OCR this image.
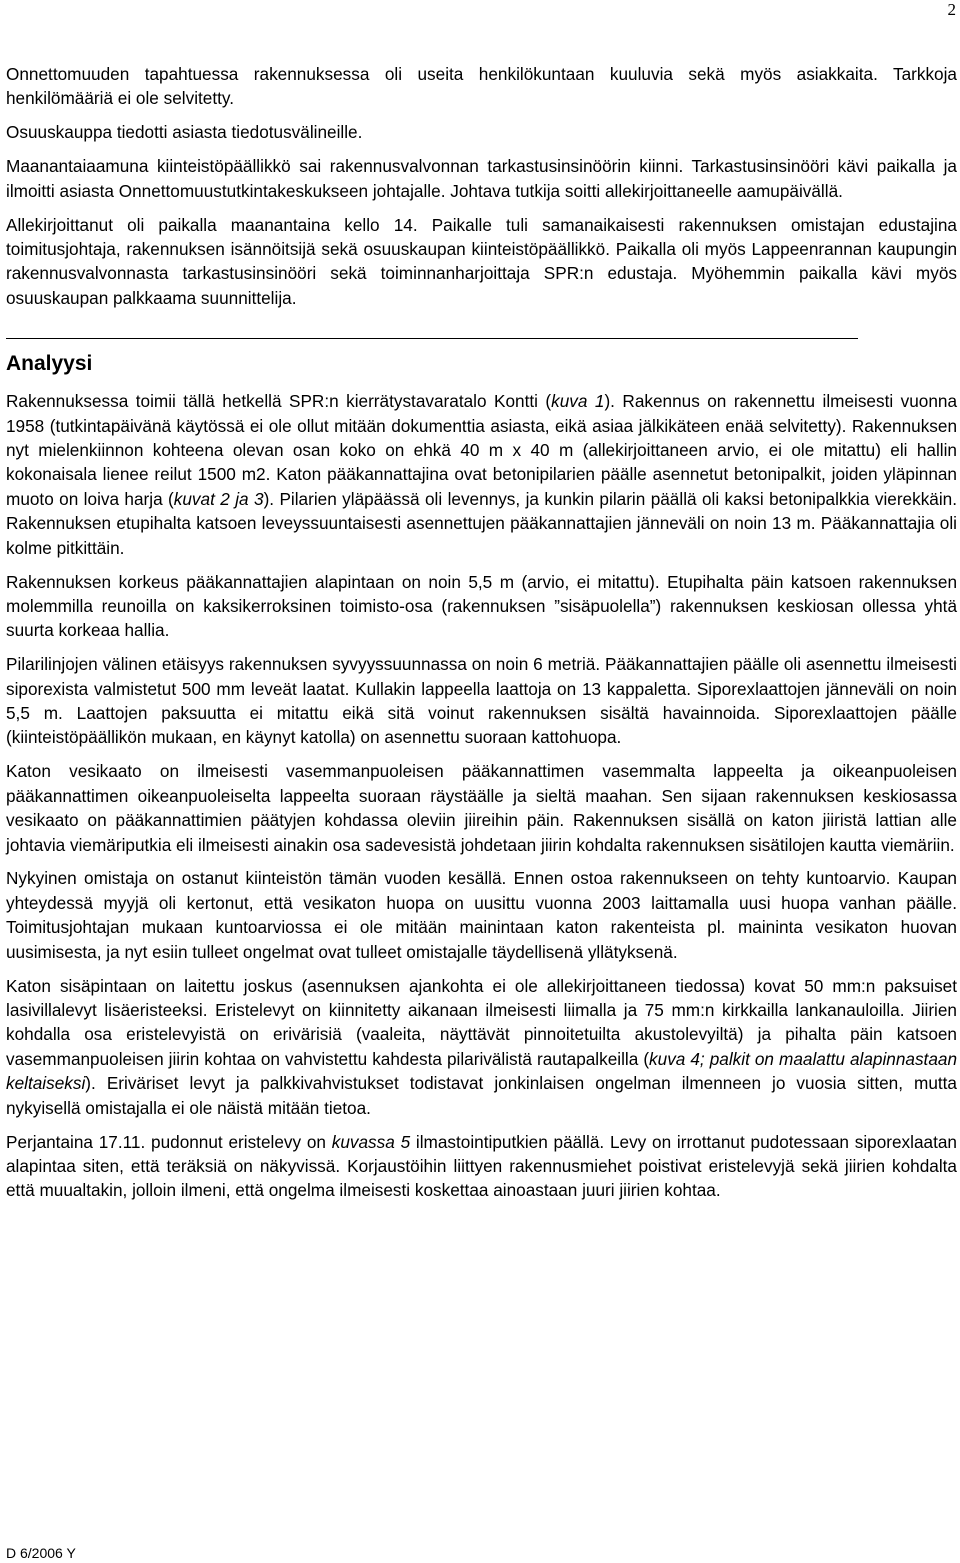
2

Onnettomuuden tapahtuessa rakennuksessa oli useita henkilökuntaan kuuluvia sekä myös asiakkaita. Tarkkoja henkilömääriä ei ole selvitetty.

Osuuskauppa tiedotti asiasta tiedotusvälineille.

Maanantaiaamuna kiinteistöpäällikkö sai rakennusvalvonnan tarkastusinsinöörin kiinni. Tarkastusinsinööri kävi paikalla ja ilmoitti asiasta Onnettomuustutkintakeskukseen johtajalle. Johtava tutkija soitti allekirjoittaneelle aamupäivällä.

Allekirjoittanut oli paikalla maanantaina kello 14. Paikalle tuli samanaikaisesti rakennuksen omistajan edustajina toimitusjohtaja, rakennuksen isännöitsijä sekä osuuskaupan kiinteistöpäällikkö. Paikalla oli myös Lappeenrannan kaupungin rakennusvalvonnasta tarkastusinsinööri sekä toiminnanharjoittaja SPR:n edustaja. Myöhemmin paikalla kävi myös osuuskaupan palkkaama suunnittelija.

Analyysi

Rakennuksessa toimii tällä hetkellä SPR:n kierrätystavaratalo Kontti (kuva 1). Rakennus on rakennettu ilmeisesti vuonna 1958 (tutkintapäivänä käytössä ei ole ollut mitään dokumenttia asiasta, eikä asiaa jälkikäteen enää selvitetty). Rakennuksen nyt mielenkiinnon kohteena olevan osan koko on ehkä 40 m x 40 m (allekirjoittaneen arvio, ei ole mitattu) eli hallin kokonaisala lienee reilut 1500 m2. Katon pääkannattajina ovat betonipilarien päälle asennetut betonipalkit, joiden yläpinnan muoto on loiva harja (kuvat 2 ja 3). Pilarien yläpäässä oli levennys, ja kunkin pilarin päällä oli kaksi betonipalkkia vierekkäin. Rakennuksen etupihalta katsoen leveyssuuntaisesti asennettujen pääkannattajien jänneväli on noin 13 m. Pääkannattajia oli kolme pitkittäin.

Rakennuksen korkeus pääkannattajien alapintaan on noin 5,5 m (arvio, ei mitattu). Etupihalta päin katsoen rakennuksen molemmilla reunoilla on kaksikerroksinen toimisto-osa (rakennuksen ”sisäpuolella”) rakennuksen keskiosan ollessa yhtä suurta korkeaa hallia.

Pilarilinjojen välinen etäisyys rakennuksen syvyyssuunnassa on noin 6 metriä. Pääkannattajien päälle oli asennettu ilmeisesti siporexista valmistetut 500 mm leveät laatat. Kullakin lappeella laattoja on 13 kappaletta. Siporexlaattojen jänneväli on noin 5,5 m. Laattojen paksuutta ei mitattu eikä sitä voinut rakennuksen sisältä havainnoida. Siporexlaattojen päälle (kiinteistöpäällikön mukaan, en käynyt katolla) on asennettu suoraan kattohuopa.

Katon vesikaato on ilmeisesti vasemmanpuoleisen pääkannattimen vasemmalta lappeelta ja oikeanpuoleisen pääkannattimen oikeanpuoleiselta lappeelta suoraan räystäälle ja sieltä maahan. Sen sijaan rakennuksen keskiosassa vesikaato on pääkannattimien päätyjen kohdassa oleviin jiireihin päin. Rakennuksen sisällä on katon jiiristä lattian alle johtavia viemäriputkia eli ilmeisesti ainakin osa sadevesistä johdetaan jiirin kohdalta rakennuksen sisätilojen kautta viemäriin.

Nykyinen omistaja on ostanut kiinteistön tämän vuoden kesällä. Ennen ostoa rakennukseen on tehty kuntoarvio. Kaupan yhteydessä myyjä oli kertonut, että vesikaton huopa on uusittu vuonna 2003 laittamalla uusi huopa vanhan päälle. Toimitusjohtajan mukaan kuntoarviossa ei ole mitään mainintaan katon rakenteista pl. maininta vesikaton huovan uusimisesta, ja nyt esiin tulleet ongelmat ovat tulleet omistajalle täydellisenä yllätyksenä.

Katon sisäpintaan on laitettu joskus (asennuksen ajankohta ei ole allekirjoittaneen tiedossa) kovat 50 mm:n paksuiset lasivillalevyt lisäeristeeksi. Eristelevyt on kiinnitetty aikanaan ilmeisesti liimalla ja 75 mm:n kirkkailla lankanauloilla. Jiirien kohdalla osa eristelevyistä on erivärisiä (vaaleita, näyttävät pinnoitetuilta akustolevyiltä) ja pihalta päin katsoen vasemmanpuoleisen jiirin kohtaa on vahvistettu kahdesta pilarivälistä rautapalkeilla (kuva 4; palkit on maalattu alapinnastaan keltaiseksi). Eriväriset levyt ja palkkivahvistukset todistavat jonkinlaisen ongelman ilmenneen jo vuosia sitten, mutta nykyisellä omistajalla ei ole näistä mitään tietoa.

Perjantaina 17.11. pudonnut eristelevy on kuvassa 5 ilmastointiputkien päällä. Levy on irrottanut pudotessaan siporexlaatan alapintaa siten, että teräksiä on näkyvissä. Korjaustöihin liittyen rakennusmiehet poistivat eristelevyjä sekä jiirien kohdalta että muualtakin, jolloin ilmeni, että ongelma ilmeisesti koskettaa ainoastaan juuri jiirien kohtaa.

D 6/2006 Y
